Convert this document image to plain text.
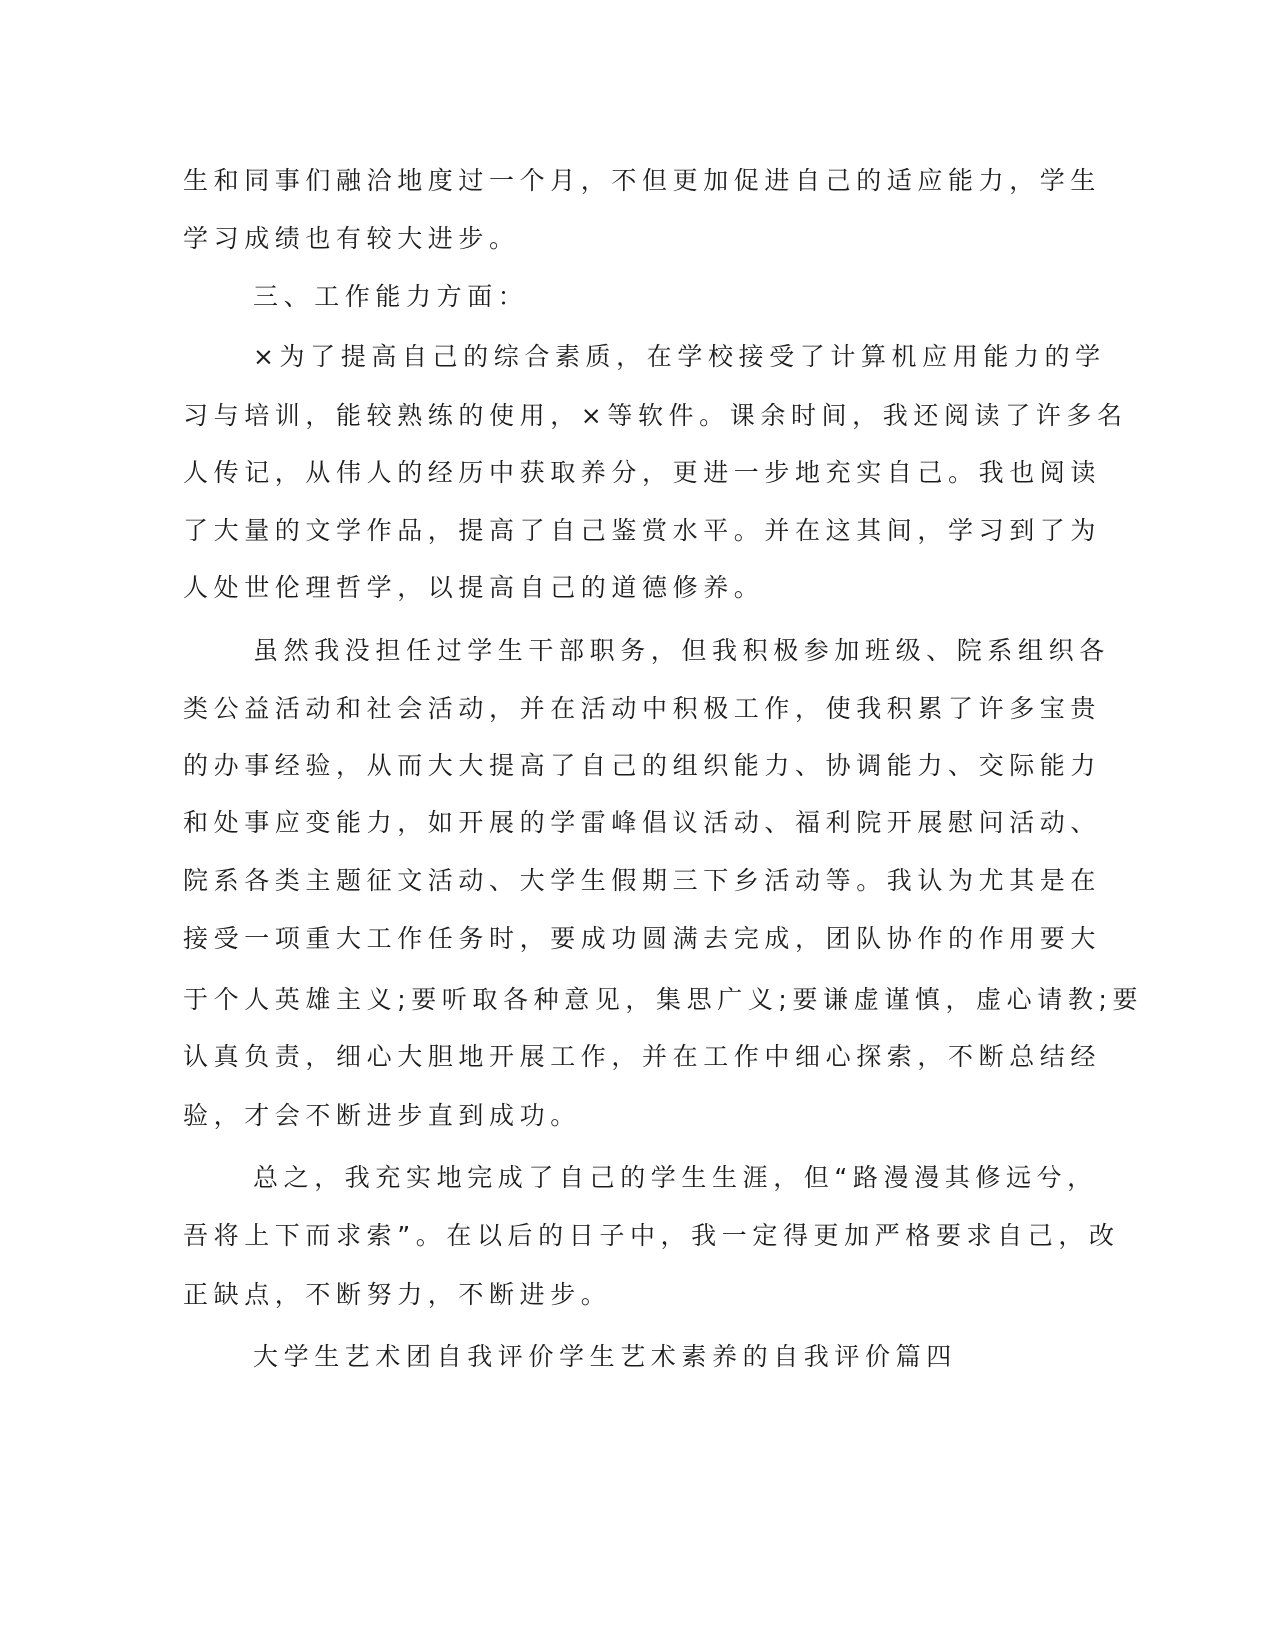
生和同事们融洽地度过一个月，不但更加促进自己的适应能力，学生
学习成绩也有较大进步。
三、工作能力方面：
×为了提高自己的综合素质，在学校接受了计算机应用能力的学
习与培训，能较熟练的使用，×等软件。课余时间，我还阅读了许多名
人传记，从伟人的经历中获取养分，更进一步地充实自己。我也阅读
了大量的文学作品，提高了自己鉴赏水平。并在这其间，学习到了为
人处世伦理哲学，以提高自己的道德修养。
虽然我没担任过学生干部职务，但我积极参加班级、院系组织各
类公益活动和社会活动，并在活动中积极工作，使我积累了许多宝贵
的办事经验，从而大大提高了自己的组织能力、协调能力、交际能力
和处事应变能力，如开展的学雷峰倡议活动、福利院开展慰问活动、
院系各类主题征文活动、大学生假期三下乡活动等。我认为尤其是在
接受一项重大工作任务时，要成功圆满去完成，团队协作的作用要大
于个人英雄主义;要听取各种意见，集思广义;要谦虚谨慎，虚心请教;要
认真负责，细心大胆地开展工作，并在工作中细心探索，不断总结经
验，才会不断进步直到成功。
总之，我充实地完成了自己的学生生涯，但“路漫漫其修远兮，
吾将上下而求索”。在以后的日子中，我一定得更加严格要求自己，改
正缺点，不断努力，不断进步。
大学生艺术团自我评价学生艺术素养的自我评价篇四
